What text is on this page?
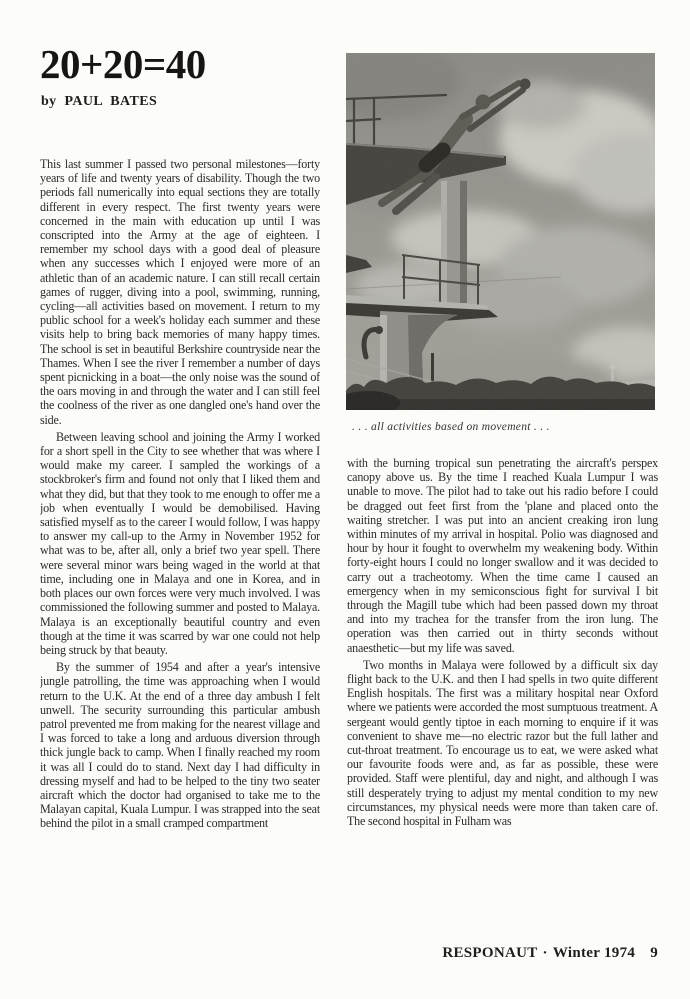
20+20=40
by PAUL BATES

This last summer I passed two personal milestones—forty years of life and twenty years of disability. Though the two periods fall numerically into equal sections they are totally different in every respect. The first twenty years were concerned in the main with education up until I was conscripted into the Army at the age of eighteen. I remember my school days with a good deal of pleasure when any successes which I enjoyed were more of an athletic than of an academic nature. I can still recall certain games of rugger, diving into a pool, swimming, running, cycling—all activities based on movement. I return to my public school for a week's holiday each summer and these visits help to bring back memories of many happy times. The school is set in beautiful Berkshire countryside near the Thames. When I see the river I remember a number of days spent picnicking in a boat—the only noise was the sound of the oars moving in and through the water and I can still feel the coolness of the river as one dangled one's hand over the side.

Between leaving school and joining the Army I worked for a short spell in the City to see whether that was where I would make my career. I sampled the workings of a stockbroker's firm and found not only that I liked them and what they did, but that they took to me enough to offer me a job when eventually I would be demobilised. Having satisfied myself as to the career I would follow, I was happy to answer my call-up to the Army in November 1952 for what was to be, after all, only a brief two year spell. There were several minor wars being waged in the world at that time, including one in Malaya and one in Korea, and in both places our own forces were very much involved. I was commissioned the following summer and posted to Malaya. Malaya is an exceptionally beautiful country and even though at the time it was scarred by war one could not help being struck by that beauty.

By the summer of 1954 and after a year's intensive jungle patrolling, the time was approaching when I would return to the U.K. At the end of a three day ambush I felt unwell. The security surrounding this particular ambush patrol prevented me from making for the nearest village and I was forced to take a long and arduous diversion through thick jungle back to camp. When I finally reached my room it was all I could do to stand. Next day I had difficulty in dressing myself and had to be helped to the tiny two seater aircraft which the doctor had organised to take me to the Malayan capital, Kuala Lumpur. I was strapped into the seat behind the pilot in a small cramped compartment

. . . all activities based on movement . . .

with the burning tropical sun penetrating the aircraft's perspex canopy above us. By the time I reached Kuala Lumpur I was unable to move. The pilot had to take out his radio before I could be dragged out feet first from the 'plane and placed onto the waiting stretcher. I was put into an ancient creaking iron lung within minutes of my arrival in hospital. Polio was diagnosed and hour by hour it fought to overwhelm my weakening body. Within forty-eight hours I could no longer swallow and it was decided to carry out a tracheotomy. When the time came I caused an emergency when in my semiconscious fight for survival I bit through the Magill tube which had been passed down my throat and into my trachea for the transfer from the iron lung. The operation was then carried out in thirty seconds without anaesthetic—but my life was saved.

Two months in Malaya were followed by a difficult six day flight back to the U.K. and then I had spells in two quite different English hospitals. The first was a military hospital near Oxford where we patients were accorded the most sumptuous treatment. A sergeant would gently tiptoe in each morning to enquire if it was convenient to shave me—no electric razor but the full lather and cut-throat treatment. To encourage us to eat, we were asked what our favourite foods were and, as far as possible, these were provided. Staff were plentiful, day and night, and although I was still desperately trying to adjust my mental condition to my new circumstances, my physical needs were more than taken care of. The second hospital in Fulham was

RESPONAUT · Winter 1974 9
